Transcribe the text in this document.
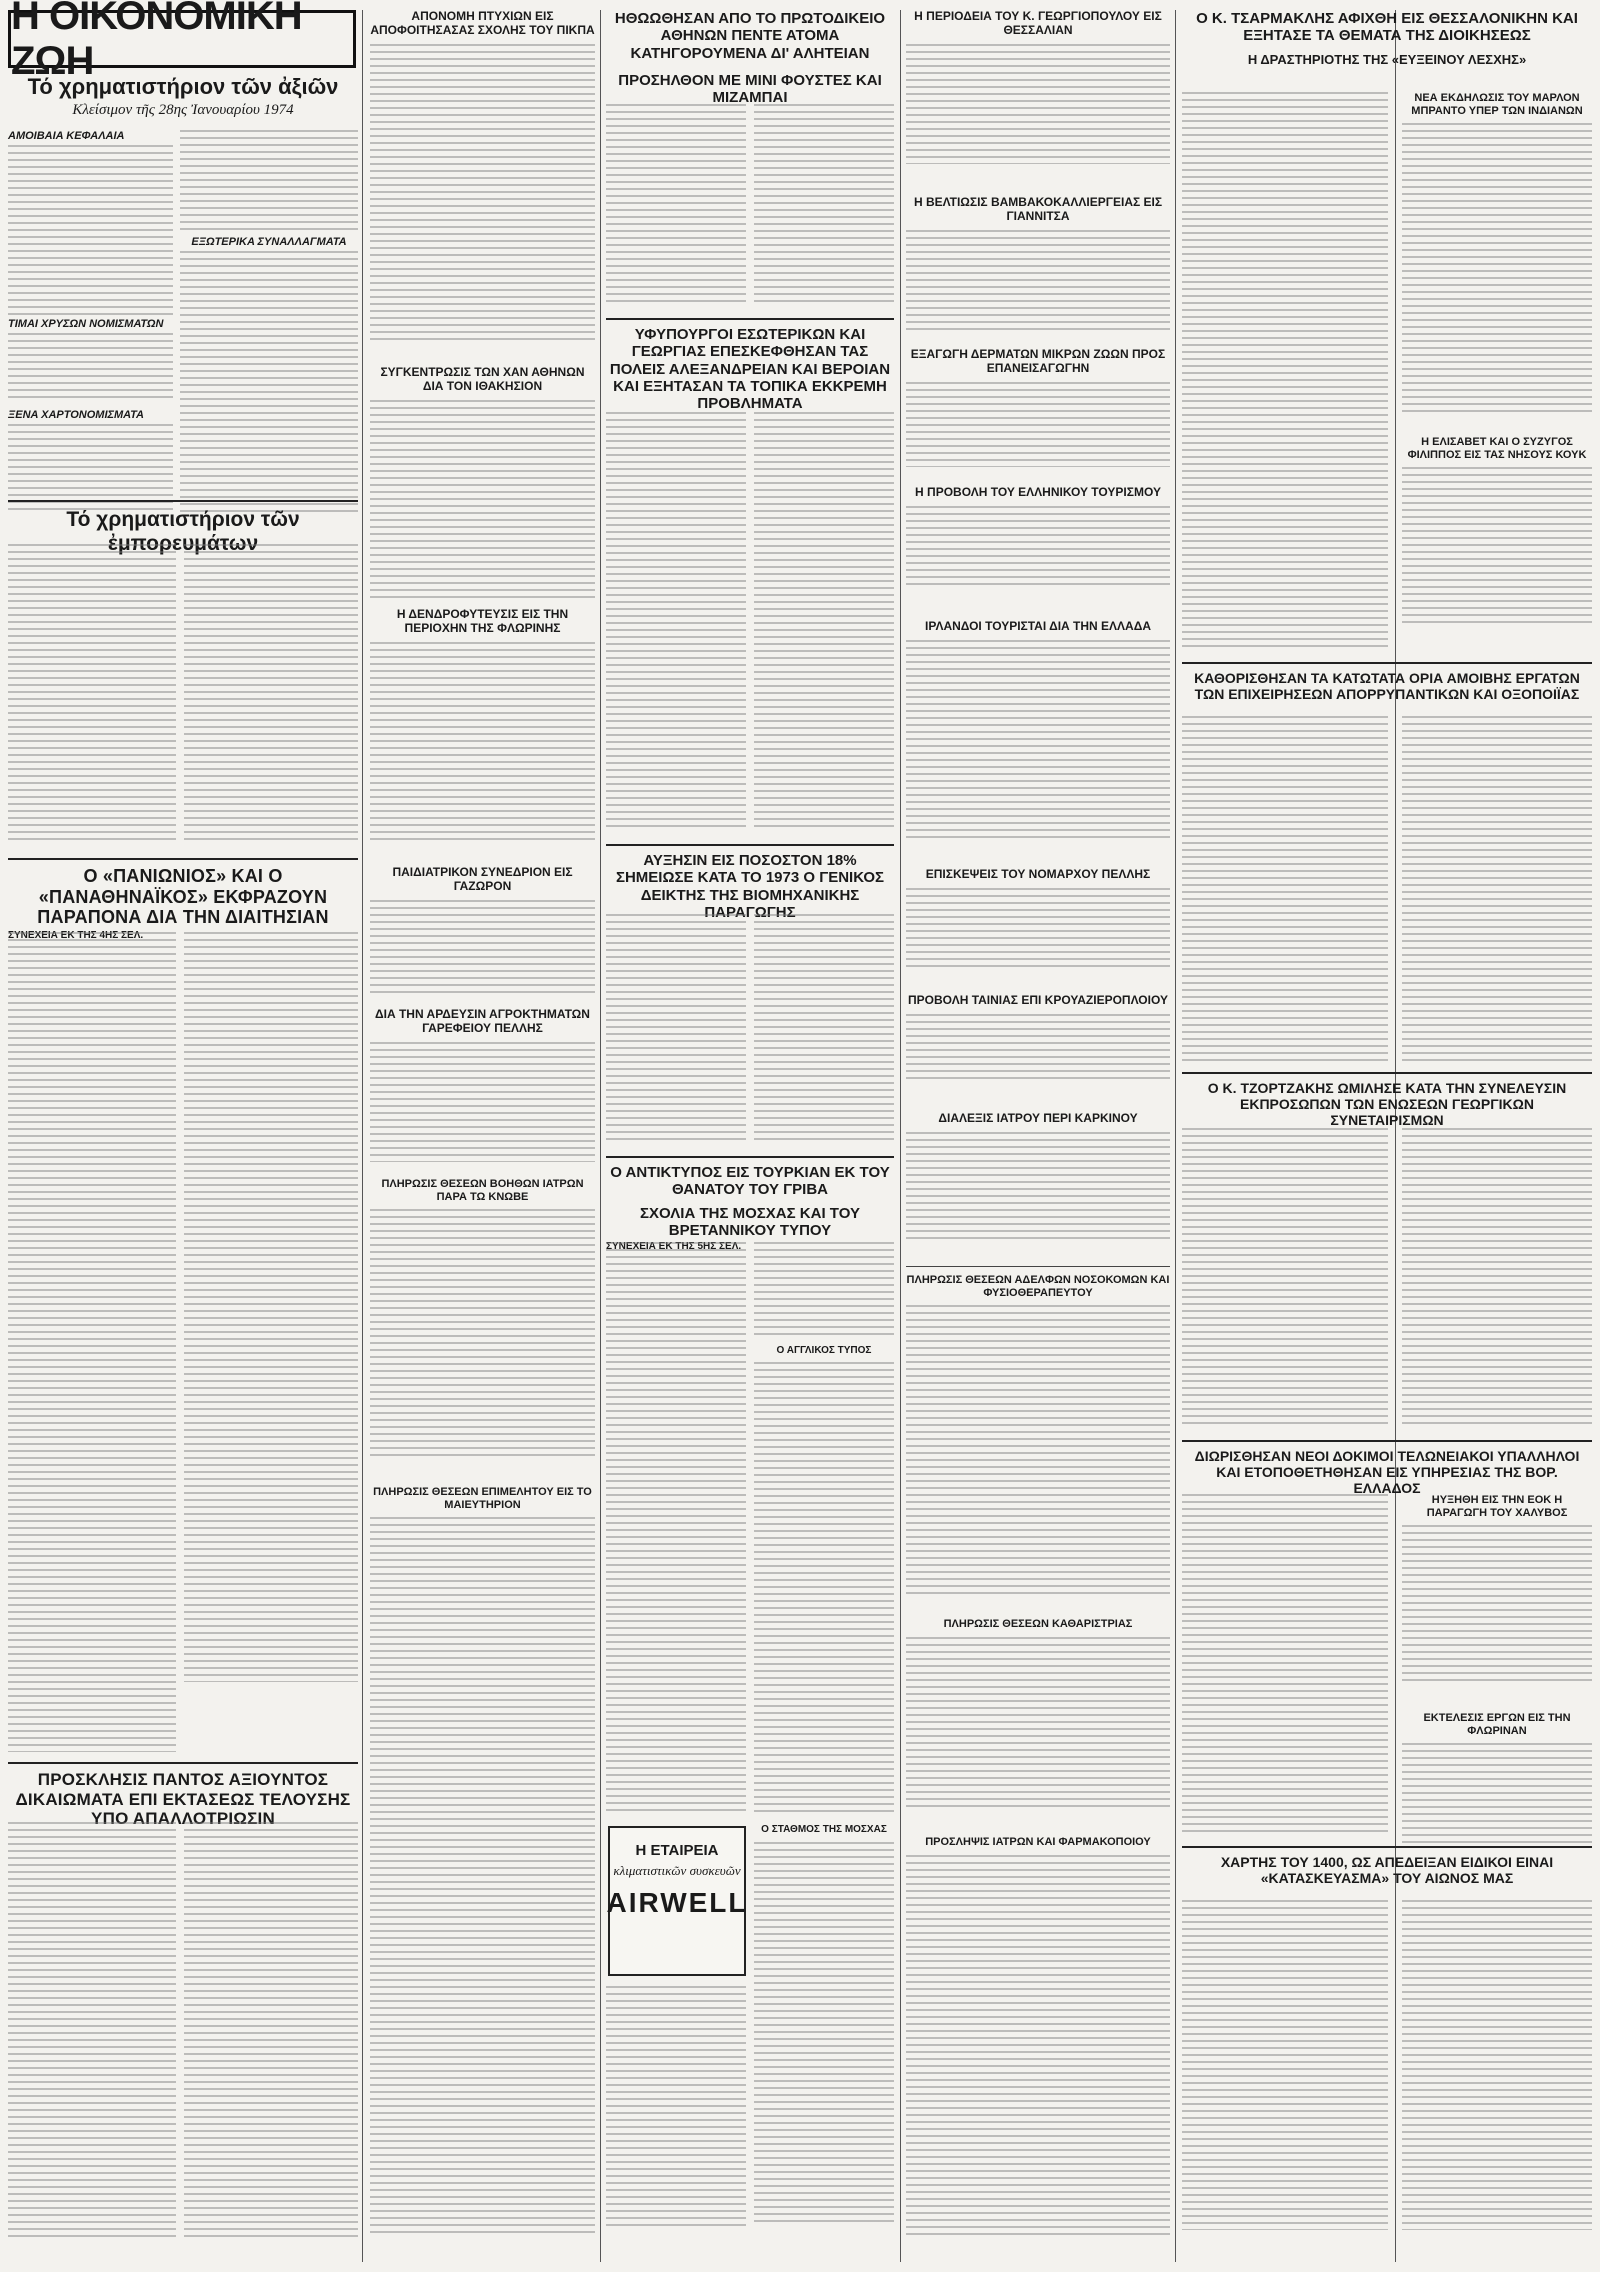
Η ΟΙΚΟΝΟΜΙΚΗ ΖΩΗ
Τό χρηματιστήριον τῶν ἀξιῶν
Κλείσιμον τῆς 28ης Ἰανουαρίου 1974
ΑΜΟΙΒΑΙΑ ΚΕΦΑΛΑΙΑ
ΕΞΩΤΕΡΙΚΑ ΣΥΝΑΛΛΑΓΜΑΤΑ
ΤΙΜΑΙ ΧΡΥΣΩΝ ΝΟΜΙΣΜΑΤΩΝ
ΞΕΝΑ ΧΑΡΤΟΝΟΜΙΣΜΑΤΑ
Τό χρηματιστήριον τῶν ἐμπορευμάτων
Ο «ΠΑΝΙΩΝΙΟΣ» ΚΑΙ Ο «ΠΑΝΑΘΗΝΑΪΚΟΣ» ΕΚΦΡΑΖΟΥΝ ΠΑΡΑΠΟΝΑ ΔΙΑ ΤΗΝ ΔΙΑΙΤΗΣΙΑΝ
ΣΥΝΕΧΕΙΑ ΕΚ ΤΗΣ 4ΗΣ ΣΕΛ.
ΠΡΟΣΚΛΗΣΙΣ ΠΑΝΤΟΣ ΑΞΙΟΥΝΤΟΣ ΔΙΚΑΙΩΜΑΤΑ ΕΠΙ ΕΚΤΑΣΕΩΣ ΤΕΛΟΥΣΗΣ ΥΠΟ ΑΠΑΛΛΟΤΡΙΩΣΙΝ
ΑΠΟΝΟΜΗ ΠΤΥΧΙΩΝ ΕΙΣ ΑΠΟΦΟΙΤΗΣΑΣΑΣ ΣΧΟΛΗΣ ΤΟΥ ΠΙΚΠΑ
ΣΥΓΚΕΝΤΡΩΣΙΣ ΤΩΝ ΧΑΝ ΑΘΗΝΩΝ ΔΙΑ ΤΟΝ ΙΘΑΚΗΣΙΟΝ
Η ΔΕΝΔΡΟΦΥΤΕΥΣΙΣ ΕΙΣ ΤΗΝ ΠΕΡΙΟΧΗΝ ΤΗΣ ΦΛΩΡΙΝΗΣ
ΠΑΙΔΙΑΤΡΙΚΟΝ ΣΥΝΕΔΡΙΟΝ ΕΙΣ ΓΑΖΩΡΟΝ
ΔΙΑ ΤΗΝ ΑΡΔΕΥΣΙΝ ΑΓΡΟΚΤΗΜΑΤΩΝ ΓΑΡΕΦΕΙΟΥ ΠΕΛΛΗΣ
ΠΛΗΡΩΣΙΣ ΘΕΣΕΩΝ ΒΟΗΘΩΝ ΙΑΤΡΩΝ ΠΑΡΑ ΤΩ ΚΝΩΒΕ
ΠΛΗΡΩΣΙΣ ΘΕΣΕΩΝ ΕΠΙΜΕΛΗΤΟΥ ΕΙΣ ΤΟ ΜΑΙΕΥΤΗΡΙΟΝ
ΗΘΩΩΘΗΣΑΝ ΑΠΟ ΤΟ ΠΡΩΤΟΔΙΚΕΙΟ ΑΘΗΝΩΝ ΠΕΝΤΕ ΑΤΟΜΑ ΚΑΤΗΓΟΡΟΥΜΕΝΑ ΔΙ' ΑΛΗΤΕΙΑΝ
ΠΡΟΣΗΛΘΟΝ ΜΕ ΜΙΝΙ ΦΟΥΣΤΕΣ ΚΑΙ ΜΙΖΑΜΠΑΙ
ΥΦΥΠΟΥΡΓΟΙ ΕΣΩΤΕΡΙΚΩΝ ΚΑΙ ΓΕΩΡΓΙΑΣ ΕΠΕΣΚΕΦΘΗΣΑΝ ΤΑΣ ΠΟΛΕΙΣ ΑΛΕΞΑΝΔΡΕΙΑΝ ΚΑΙ ΒΕΡΟΙΑΝ ΚΑΙ ΕΞΗΤΑΣΑΝ ΤΑ ΤΟΠΙΚΑ ΕΚΚΡΕΜΗ ΠΡΟΒΛΗΜΑΤΑ
ΑΥΞΗΣΙΝ ΕΙΣ ΠΟΣΟΣΤΟΝ 18% ΣΗΜΕΙΩΣΕ ΚΑΤΑ ΤΟ 1973 Ο ΓΕΝΙΚΟΣ ΔΕΙΚΤΗΣ ΤΗΣ ΒΙΟΜΗΧΑΝΙΚΗΣ ΠΑΡΑΓΩΓΗΣ
Ο ΑΝΤΙΚΤΥΠΟΣ ΕΙΣ ΤΟΥΡΚΙΑΝ ΕΚ ΤΟΥ ΘΑΝΑΤΟΥ ΤΟΥ ΓΡΙΒΑ
ΣΧΟΛΙΑ ΤΗΣ ΜΟΣΧΑΣ ΚΑΙ ΤΟΥ ΒΡΕΤΑΝΝΙΚΟΥ ΤΥΠΟΥ
ΣΥΝΕΧΕΙΑ ΕΚ ΤΗΣ 5ΗΣ ΣΕΛ.
Ο ΑΓΓΛΙΚΟΣ ΤΥΠΟΣ
Η ΕΤΑΙΡΕΙΑ
κλιματιστικῶν συσκευῶν
AIRWELL
Ο ΣΤΑΘΜΟΣ ΤΗΣ ΜΟΣΧΑΣ
Η ΠΕΡΙΟΔΕΙΑ ΤΟΥ Κ. ΓΕΩΡΓΙΟΠΟΥΛΟΥ ΕΙΣ ΘΕΣΣΑΛΙΑΝ
Η ΒΕΛΤΙΩΣΙΣ ΒΑΜΒΑΚΟΚΑΛΛΙΕΡΓΕΙΑΣ ΕΙΣ ΓΙΑΝΝΙΤΣΑ
ΕΞΑΓΩΓΗ ΔΕΡΜΑΤΩΝ ΜΙΚΡΩΝ ΖΩΩΝ ΠΡΟΣ ΕΠΑΝΕΙΣΑΓΩΓΗΝ
Η ΠΡΟΒΟΛΗ ΤΟΥ ΕΛΛΗΝΙΚΟΥ ΤΟΥΡΙΣΜΟΥ
ΙΡΛΑΝΔΟΙ ΤΟΥΡΙΣΤΑΙ ΔΙΑ ΤΗΝ ΕΛΛΑΔΑ
ΕΠΙΣΚΕΨΕΙΣ ΤΟΥ ΝΟΜΑΡΧΟΥ ΠΕΛΛΗΣ
ΠΡΟΒΟΛΗ ΤΑΙΝΙΑΣ ΕΠΙ ΚΡΟΥΑΖΙΕΡΟΠΛΟΙΟΥ
ΔΙΑΛΕΞΙΣ ΙΑΤΡΟΥ ΠΕΡΙ ΚΑΡΚΙΝΟΥ
ΠΛΗΡΩΣΙΣ ΘΕΣΕΩΝ ΑΔΕΛΦΩΝ ΝΟΣΟΚΟΜΩΝ ΚΑΙ ΦΥΣΙΟΘΕΡΑΠΕΥΤΟΥ
ΠΛΗΡΩΣΙΣ ΘΕΣΕΩΝ ΚΑΘΑΡΙΣΤΡΙΑΣ
ΠΡΟΣΛΗΨΙΣ ΙΑΤΡΩΝ ΚΑΙ ΦΑΡΜΑΚΟΠΟΙΟΥ
Ο Κ. ΤΣΑΡΜΑΚΛΗΣ ΑΦΙΧΘΗ ΕΙΣ ΘΕΣΣΑΛΟΝΙΚΗΝ ΚΑΙ ΕΞΗΤΑΣΕ ΤΑ ΘΕΜΑΤΑ ΤΗΣ ΔΙΟΙΚΗΣΕΩΣ
Η ΔΡΑΣΤΗΡΙΟΤΗΣ ΤΗΣ «ΕΥΞΕΙΝΟΥ ΛΕΣΧΗΣ»
ΝΕΑ ΕΚΔΗΛΩΣΙΣ ΤΟΥ ΜΑΡΛΟΝ ΜΠΡΑΝΤΟ ΥΠΕΡ ΤΩΝ ΙΝΔΙΑΝΩΝ
Η ΕΛΙΣΑΒΕΤ ΚΑΙ Ο ΣΥΖΥΓΟΣ ΦΙΛΙΠΠΟΣ ΕΙΣ ΤΑΣ ΝΗΣΟΥΣ ΚΟΥΚ
ΚΑΘΟΡΙΣΘΗΣΑΝ ΤΑ ΚΑΤΩΤΑΤΑ ΟΡΙΑ ΑΜΟΙΒΗΣ ΕΡΓΑΤΩΝ ΤΩΝ ΕΠΙΧΕΙΡΗΣΕΩΝ ΑΠΟΡΡΥΠΑΝΤΙΚΩΝ ΚΑΙ ΟΞΟΠΟΙΪΑΣ
Ο Κ. ΤΖΟΡΤΖΑΚΗΣ ΩΜΙΛΗΣΕ ΚΑΤΑ ΤΗΝ ΣΥΝΕΛΕΥΣΙΝ ΕΚΠΡΟΣΩΠΩΝ ΤΩΝ ΕΝΩΣΕΩΝ ΓΕΩΡΓΙΚΩΝ ΣΥΝΕΤΑΙΡΙΣΜΩΝ
ΔΙΩΡΙΣΘΗΣΑΝ ΝΕΟΙ ΔΟΚΙΜΟΙ ΤΕΛΩΝΕΙΑΚΟΙ ΥΠΑΛΛΗΛΟΙ ΚΑΙ ΕΤΟΠΟΘΕΤΗΘΗΣΑΝ ΕΙΣ ΥΠΗΡΕΣΙΑΣ ΤΗΣ ΒΟΡ. ΕΛΛΑΔΟΣ
ΗΥΞΗΘΗ ΕΙΣ ΤΗΝ ΕΟΚ Η ΠΑΡΑΓΩΓΗ ΤΟΥ ΧΑΛΥΒΟΣ
ΕΚΤΕΛΕΣΙΣ ΕΡΓΩΝ ΕΙΣ ΤΗΝ ΦΛΩΡΙΝΑΝ
ΧΑΡΤΗΣ ΤΟΥ 1400, ΩΣ ΑΠΕΔΕΙΞΑΝ ΕΙΔΙΚΟΙ ΕΙΝΑΙ «ΚΑΤΑΣΚΕΥΑΣΜΑ» ΤΟΥ ΑΙΩΝΟΣ ΜΑΣ
